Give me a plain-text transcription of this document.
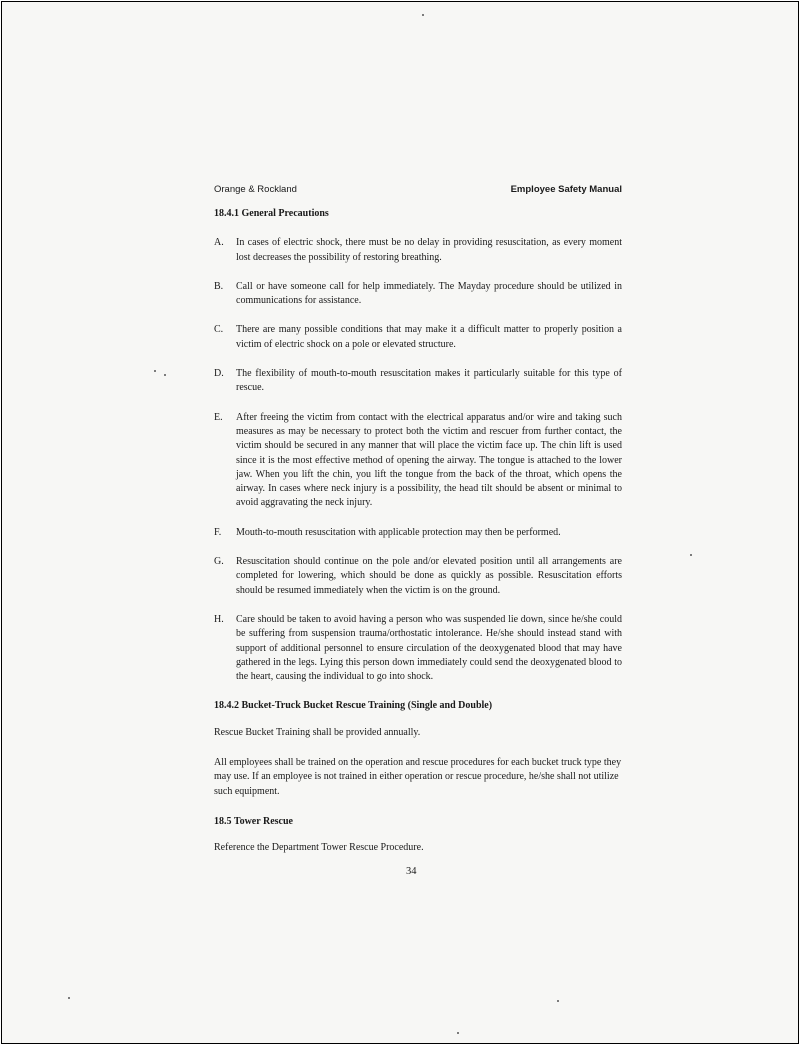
Orange & Rockland	Employee Safety Manual

18.4.1 General Precautions

A.	In cases of electric shock, there must be no delay in providing resuscitation, as every moment lost decreases the possibility of restoring breathing.
B.	Call or have someone call for help immediately. The Mayday procedure should be utilized in communications for assistance.
C.	There are many possible conditions that may make it a difficult matter to properly position a victim of electric shock on a pole or elevated structure.
D.	The flexibility of mouth-to-mouth resuscitation makes it particularly suitable for this type of rescue.
E.	After freeing the victim from contact with the electrical apparatus and/or wire and taking such measures as may be necessary to protect both the victim and rescuer from further contact, the victim should be secured in any manner that will place the victim face up. The chin lift is used since it is the most effective method of opening the airway. The tongue is attached to the lower jaw. When you lift the chin, you lift the tongue from the back of the throat, which opens the airway. In cases where neck injury is a possibility, the head tilt should be absent or minimal to avoid aggravating the neck injury.
F.	Mouth-to-mouth resuscitation with applicable protection may then be performed.
G.	Resuscitation should continue on the pole and/or elevated position until all arrangements are completed for lowering, which should be done as quickly as possible. Resuscitation efforts should be resumed immediately when the victim is on the ground.
H.	Care should be taken to avoid having a person who was suspended lie down, since he/she could be suffering from suspension trauma/orthostatic intolerance. He/she should instead stand with support of additional personnel to ensure circulation of the deoxygenated blood that may have gathered in the legs. Lying this person down immediately could send the deoxygenated blood to the heart, causing the individual to go into shock.

18.4.2 Bucket-Truck Bucket Rescue Training (Single and Double)

Rescue Bucket Training shall be provided annually.

All employees shall be trained on the operation and rescue procedures for each bucket truck type they may use. If an employee is not trained in either operation or rescue procedure, he/she shall not utilize such equipment.

18.5 Tower Rescue

Reference the Department Tower Rescue Procedure.

34
